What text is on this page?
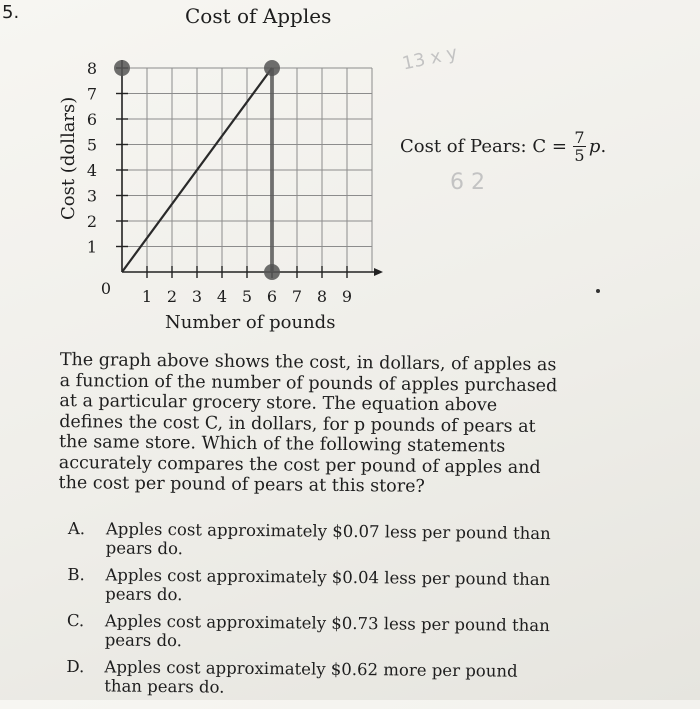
5.	Cost of Apples
1 2 3 4 5 6 7 8 9
1
2
3
4
5
6
7
8
0
Cost (dollars)
Number of pounds
Cost of Pears: $C = \frac{7}{5}$ p .
13 x y
6 2
The graph above shows the cost, in dollars, of apples as a function of the number of pounds of apples purchased at a particular grocery store. The equation above defines the cost C, in dollars, for p pounds of pears at the same store. Which of the following statements accurately compares the cost per pound of apples and the cost per pound of pears at this store?
A.	Apples cost approximately $0.07 less per pound than pears do.
B.	Apples cost approximately $0.04 less per pound than pears do.
C.	Apples cost approximately $0.73 less per pound than pears do.
D.	Apples cost approximately $0.62 more per pound than pears do.
